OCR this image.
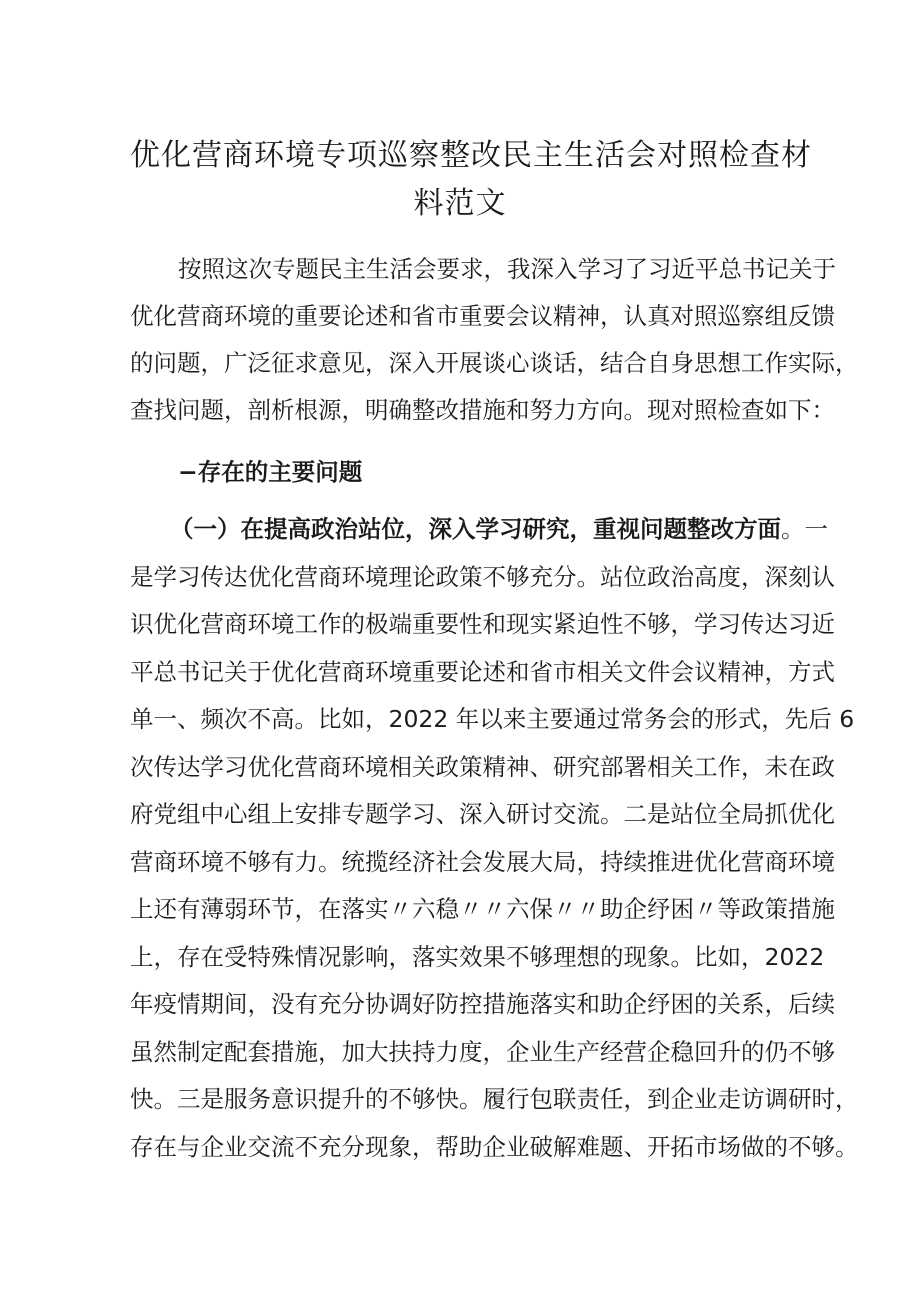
优化营商环境专项巡察整改民主生活会对照检查材
料范文
按照这次专题民主生活会要求，我深入学习了习近平总书记关于
优化营商环境的重要论述和省市重要会议精神，认真对照巡察组反馈
的问题，广泛征求意见，深入开展谈心谈话，结合自身思想工作实际，
查找问题，剖析根源，明确整改措施和努力方向。现对照检查如下：
−存在的主要问题
（一）在提高政治站位，深入学习研究，重视问题整改方面。一
是学习传达优化营商环境理论政策不够充分。站位政治高度，深刻认
识优化营商环境工作的极端重要性和现实紧迫性不够，学习传达习近
平总书记关于优化营商环境重要论述和省市相关文件会议精神，方式
单一、频次不高。比如，2022 年以来主要通过常务会的形式，先后 6
次传达学习优化营商环境相关政策精神、研究部署相关工作，未在政
府党组中心组上安排专题学习、深入研讨交流。二是站位全局抓优化
营商环境不够有力。统揽经济社会发展大局，持续推进优化营商环境
上还有薄弱环节，在落实〃六稳〃〃六保〃〃助企纾困〃等政策措施
上，存在受特殊情况影响，落实效果不够理想的现象。比如，2022
年疫情期间，没有充分协调好防控措施落实和助企纾困的关系，后续
虽然制定配套措施，加大扶持力度，企业生产经营企稳回升的仍不够
快。三是服务意识提升的不够快。履行包联责任，到企业走访调研时，
存在与企业交流不充分现象，帮助企业破解难题、开拓市场做的不够。
